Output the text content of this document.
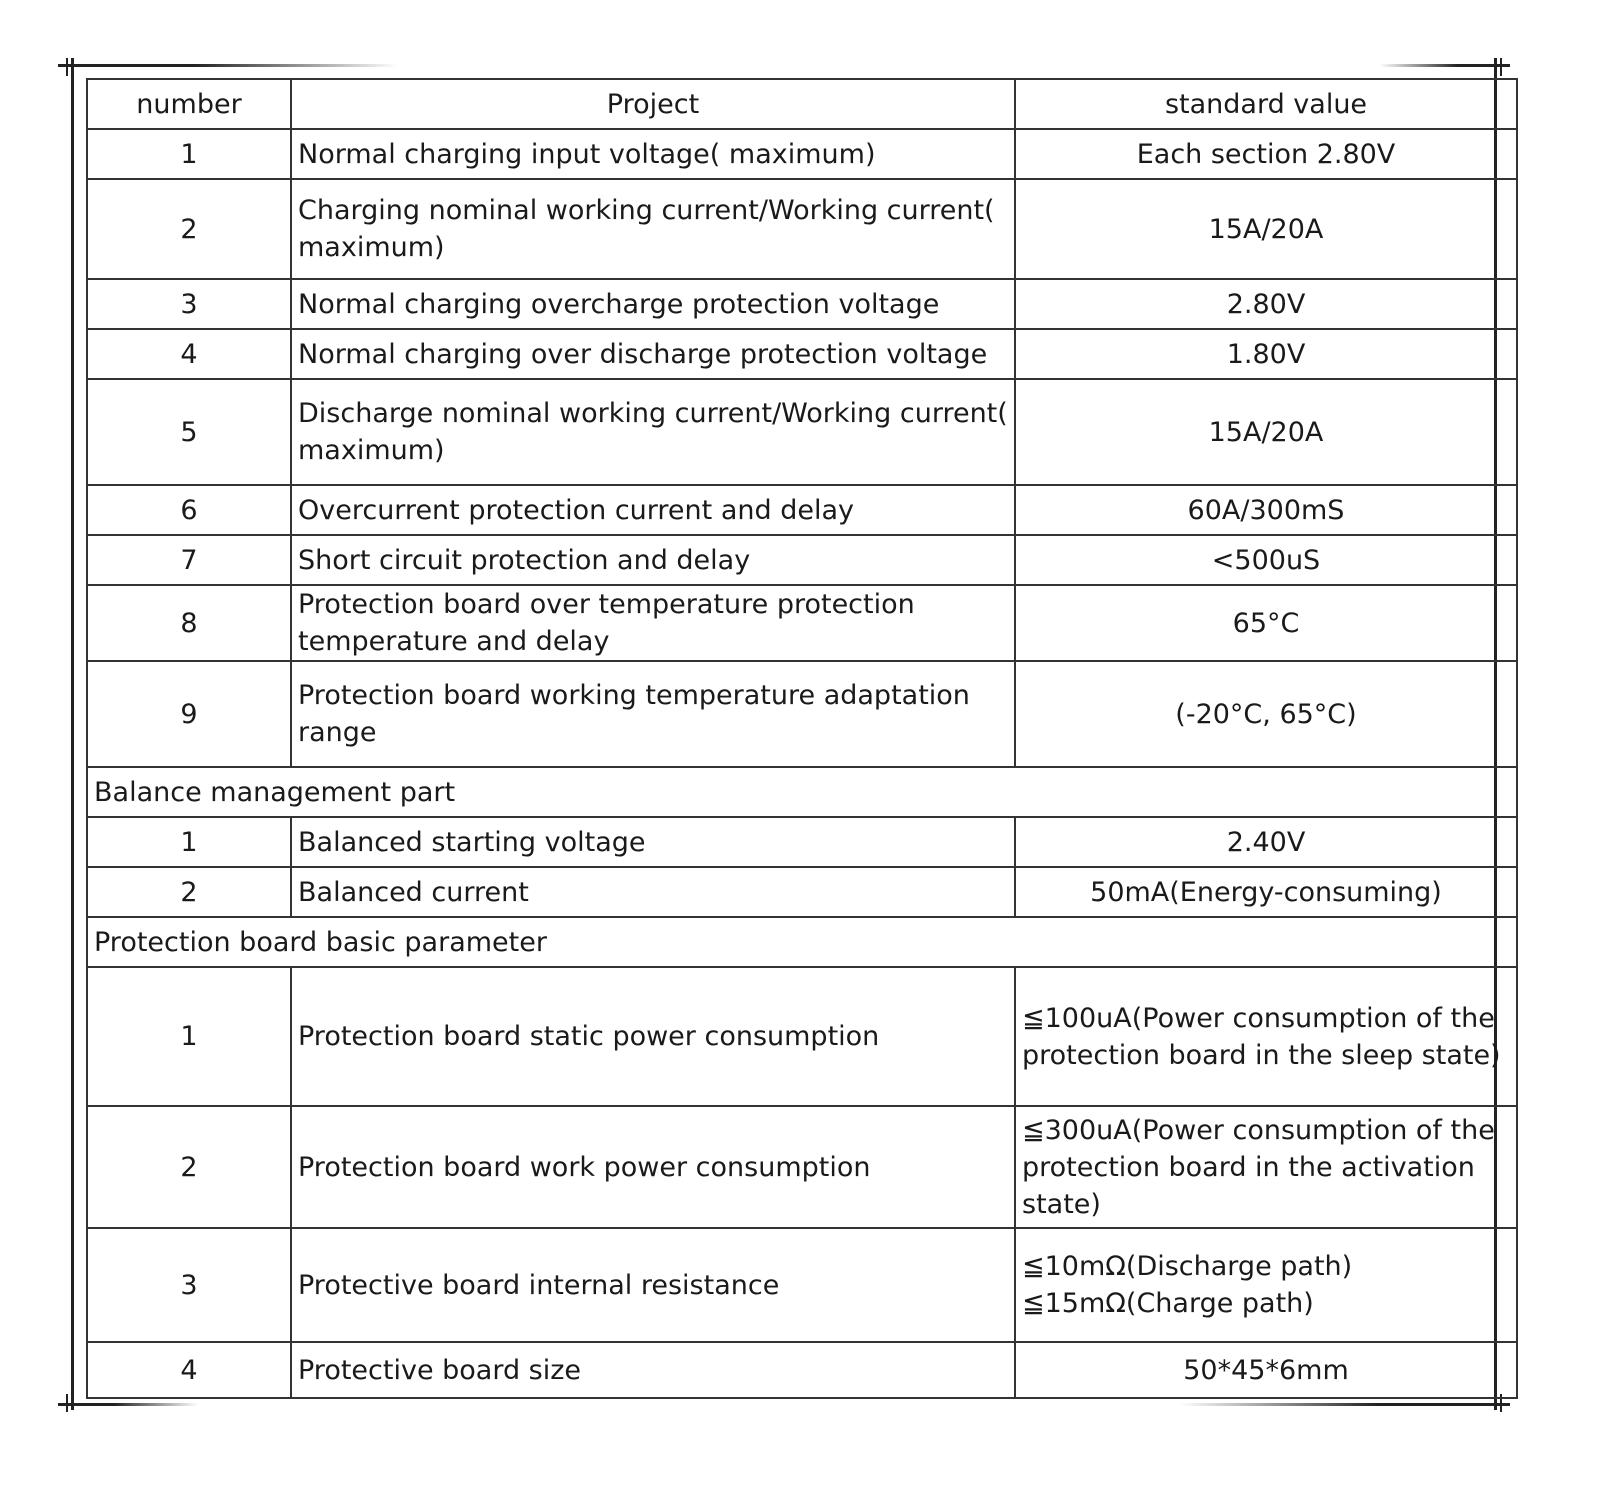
number	Project	standard value
1	Normal charging input voltage( maximum)	Each section 2.80V
2	Charging nominal working current/Working current( maximum)	15A/20A
3	Normal charging overcharge protection voltage	2.80V
4	Normal charging over discharge protection voltage	1.80V
5	Discharge nominal working current/Working current( maximum)	15A/20A
6	Overcurrent protection current and delay	60A/300mS
7	Short circuit protection and delay	<500uS
8	Protection board over temperature protection temperature and delay	65°C
9	Protection board working temperature adaptation range	(-20°C, 65°C)
Balance management part		
1	Balanced starting voltage	2.40V
2	Balanced current	50mA(Energy-consuming)
Protection board basic parameter		
1	Protection board static power consumption	≦100uA(Power consumption of the protection board in the sleep state)
2	Protection board work power consumption	≦300uA(Power consumption of the protection board in the activation state)
3	Protective board internal resistance	≦10mΩ(Discharge path)
≦15mΩ(Charge path)

4	Protective board size	50*45*6mm
